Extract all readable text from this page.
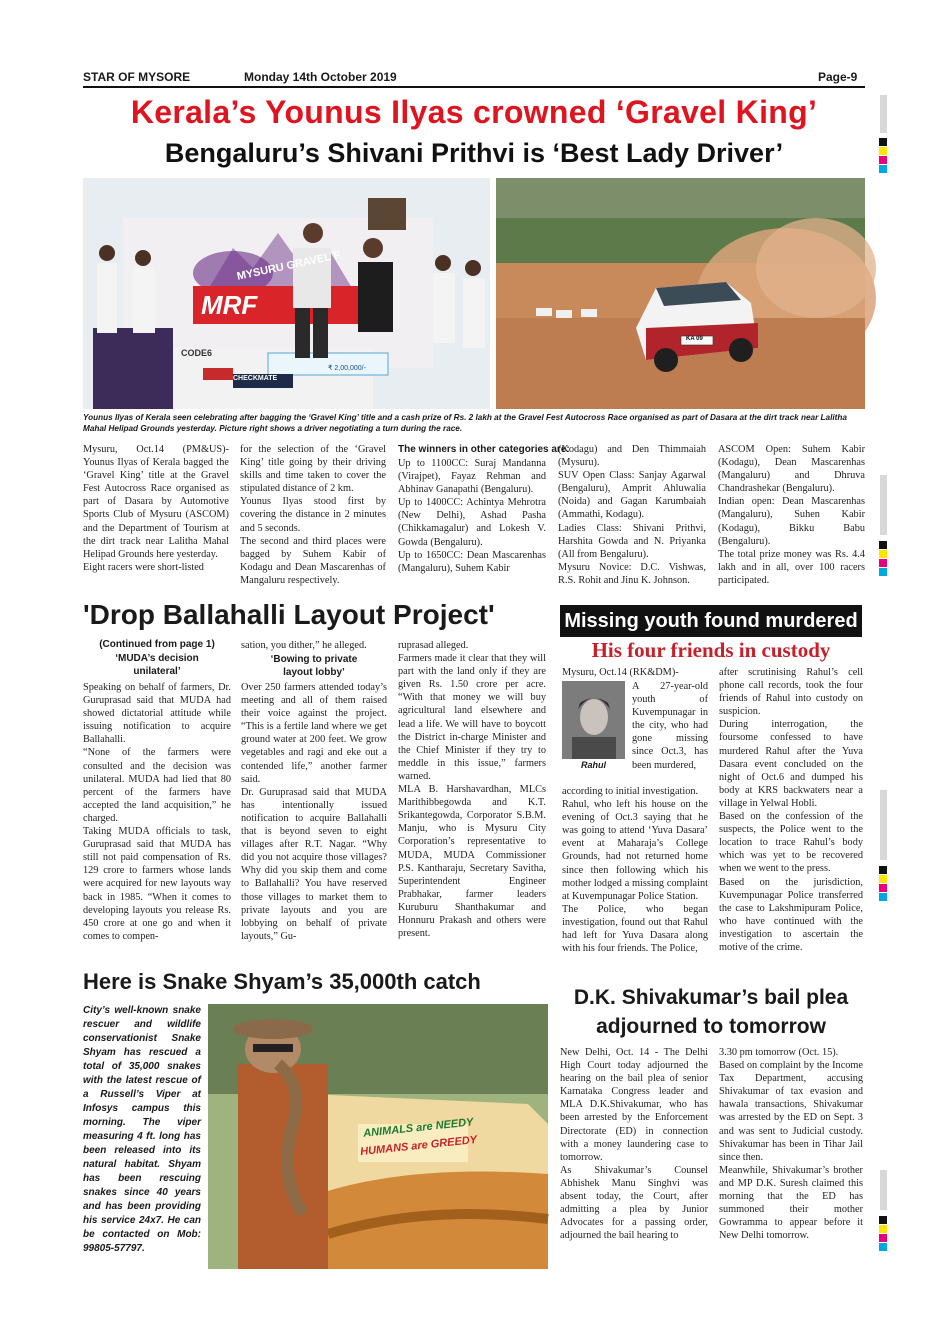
STAR OF MYSORE	Monday 14th October 2019	Page-9
Kerala’s Younus Ilyas crowned ‘Gravel King’
Bengaluru’s Shivani Prithvi is ‘Best Lady Driver’
MYSURU GRAVEL F
MRF
CODE6
CHECKMATE
₹ 2,00,000/-
KA 09
Younus Ilyas of Kerala seen celebrating after bagging the ‘Gravel King’ title and a cash prize of Rs. 2 lakh at the Gravel Fest Autocross Race organised as part of Dasara at the dirt track near Lalitha Mahal Helipad Grounds yesterday. Picture right shows a driver negotiating a turn during the race.
Mysuru, Oct.14 (PM&US)- Younus Ilyas of Kerala bagged the ‘Gravel King’ title at the Gravel Fest Autocross Race organised as part of Dasara by Automotive Sports Club of Mysuru (ASCOM) and the Department of Tourism at the dirt track near Lalitha Mahal Helipad Grounds here yesterday.
Eight racers were short-listed
for the selection of the ‘Gravel King’ title going by their driving skills and time taken to cover the stipulated distance of 2 km.
Younus Ilyas stood first by covering the distance in 2 minutes and 5 seconds.
The second and third places were bagged by Suhem Kabir of Kodagu and Dean Mascarenhas of Mangaluru respectively.
Up to 1100CC: Suraj Mandanna (Virajpet), Fayaz Rehman and Abhinav Ganapathi (Bengaluru).
Up to 1400CC: Achintya Mehrotra (New Delhi), Ashad Pasha (Chikkamagalur) and Lokesh V. Gowda (Bengaluru).
Up to 1650CC: Dean Mascarenhas (Mangaluru), Suhem Kabir
The winners in other categories are:
(Kodagu) and Den Thimmaiah (Mysuru).
SUV Open Class: Sanjay Agarwal (Bengaluru), Amprit Ahluwalia (Noida) and Gagan Karumbaiah (Ammathi, Kodagu).
Ladies Class: Shivani Prithvi, Harshita Gowda and N. Priyanka (All from Bengaluru).
Mysuru Novice: D.C. Vishwas, R.S. Rohit and Jinu K. Johnson.
ASCOM Open: Suhem Kabir (Kodagu), Dean Mascarenhas (Mangaluru) and Dhruva Chandrashekar (Bengaluru).
Indian open: Dean Mascarenhas (Mangaluru), Suhen Kabir (Kodagu), Bikku Babu (Bengaluru).
The total prize money was Rs. 4.4 lakh and in all, over 100 racers participated.
'Drop Ballahalli Layout Project'
(Continued from page 1)
‘MUDA’s decision unilateral’
Speaking on behalf of farmers, Dr. Guruprasad said that MUDA had showed dictatorial attitude while issuing notification to acquire Ballahalli.
“None of the farmers were consulted and the decision was unilateral. MUDA had lied that 80 percent of the farmers have accepted the land acquisition,” he charged.
Taking MUDA officials to task, Guruprasad said that MUDA has still not paid compensation of Rs. 129 crore to farmers whose lands were acquired for new layouts way back in 1985. “When it comes to developing layouts you release Rs. 450 crore at one go and when it comes to compen-
sation, you dither,” he alleged.
‘Bowing to private layout lobby’
Over 250 farmers attended today’s meeting and all of them raised their voice against the project. “This is a fertile land where we get ground water at 200 feet. We grow vegetables and ragi and eke out a contended life,” another farmer said.
Dr. Guruprasad said that MUDA has intentionally issued notification to acquire Ballahalli that is beyond seven to eight villages after R.T. Nagar. “Why did you not acquire those villages? Why did you skip them and come to Ballahalli? You have reserved those villages to market them to private layouts and you are lobbying on behalf of private layouts,” Gu-
ruprasad alleged.
Farmers made it clear that they will part with the land only if they are given Rs. 1.50 crore per acre. “With that money we will buy agricultural land elsewhere and lead a life. We will have to boycott the District in-charge Minister and the Chief Minister if they try to meddle in this issue,” farmers warned.
MLA B. Harshavardhan, MLCs Marithibbegowda and K.T. Srikantegowda, Corporator S.B.M. Manju, who is Mysuru City Corporation’s representative to MUDA, MUDA Commissioner P.S. Kantharaju, Secretary Savitha, Superintendent Engineer Prabhakar, farmer leaders Kuruburu Shanthakumar and Honnuru Prakash and others were present.
Missing youth found murdered
His four friends in custody
Mysuru, Oct.14 (RK&DM)-
Rahul
A 27-year-old youth of Kuvempunagar in the city, who had gone missing since Oct.3, has been murdered,
according to initial investigation.
Rahul, who left his house on the evening of Oct.3 saying that he was going to attend ‘Yuva Dasara’ event at Maharaja’s College Grounds, had not returned home since then following which his mother lodged a missing complaint at Kuvempunagar Police Station.
The Police, who began investigation, found out that Rahul had left for Yuva Dasara along with his four friends. The Police,
after scrutinising Rahul’s cell phone call records, took the four friends of Rahul into custody on suspicion.
During interrogation, the foursome confessed to have murdered Rahul after the Yuva Dasara event concluded on the night of Oct.6 and dumped his body at KRS backwaters near a village in Yelwal Hobli.
Based on the confession of the suspects, the Police went to the location to trace Rahul’s body which was yet to be recovered when we went to the press.
Based on the jurisdiction, Kuvempunagar Police transferred the case to Lakshmipuram Police, who have continued with the investigation to ascertain the motive of the crime.
Here is Snake Shyam’s 35,000th catch
City’s well-known snake rescuer and wildlife conservationist Snake Shyam has rescued a total of 35,000 snakes with the latest rescue of a Russell’s Viper at Infosys campus this morning. The viper measuring 4 ft. long has been released into its natural habitat. Shyam has been rescuing snakes since 40 years and has been providing his service 24x7. He can be contacted on Mob: 99805-57797.
ANIMALS are NEEDY
HUMANS are GREEDY
D.K. Shivakumar’s bail plea adjourned to tomorrow
New Delhi, Oct. 14 - The Delhi High Court today adjourned the hearing on the bail plea of senior Karnataka Congress leader and MLA D.K.Shivakumar, who has been arrested by the Enforcement Directorate (ED) in connection with a money laundering case to tomorrow.
As Shivakumar’s Counsel Abhishek Manu Singhvi was absent today, the Court, after admitting a plea by Junior Advocates for a passing order, adjourned the bail hearing to
3.30 pm tomorrow (Oct. 15).
Based on complaint by the Income Tax Department, accusing Shivakumar of tax evasion and hawala transactions, Shivakumar was arrested by the ED on Sept. 3 and was sent to Judicial custody. Shivakumar has been in Tihar Jail since then.
Meanwhile, Shivakumar’s brother and MP D.K. Suresh claimed this morning that the ED has summoned their mother Gowramma to appear before it New Delhi tomorrow.
